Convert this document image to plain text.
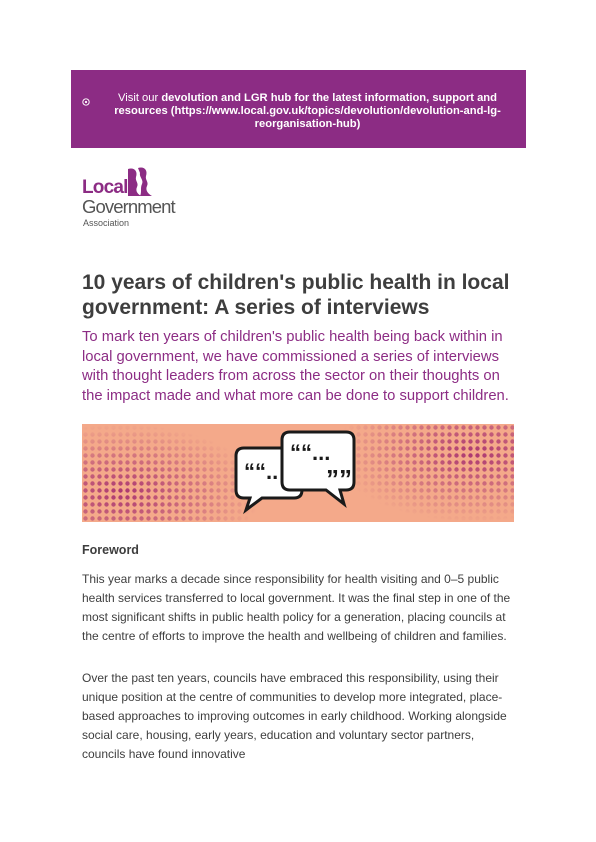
Visit our devolution and LGR hub for the latest information, support and resources (https://www.local.gov.uk/topics/devolution/devolution-and-lg-reorganisation-hub)
Local
Government
Association
10 years of children's public health in local government: A series of interviews

To mark ten years of children's public health being back within in local government, we have commissioned a series of interviews with thought leaders from across the sector on their thoughts on the impact made and what more can be done to support children.

““..
““...
””
Foreword

This year marks a decade since responsibility for health visiting and 0–5 public health services transferred to local government. It was the final step in one of the most significant shifts in public health policy for a generation, placing councils at the centre of efforts to improve the health and wellbeing of children and families.

Over the past ten years, councils have embraced this responsibility, using their unique position at the centre of communities to develop more integrated, place-based approaches to improving outcomes in early childhood. Working alongside social care, housing, early years, education and voluntary sector partners, councils have found innovative
